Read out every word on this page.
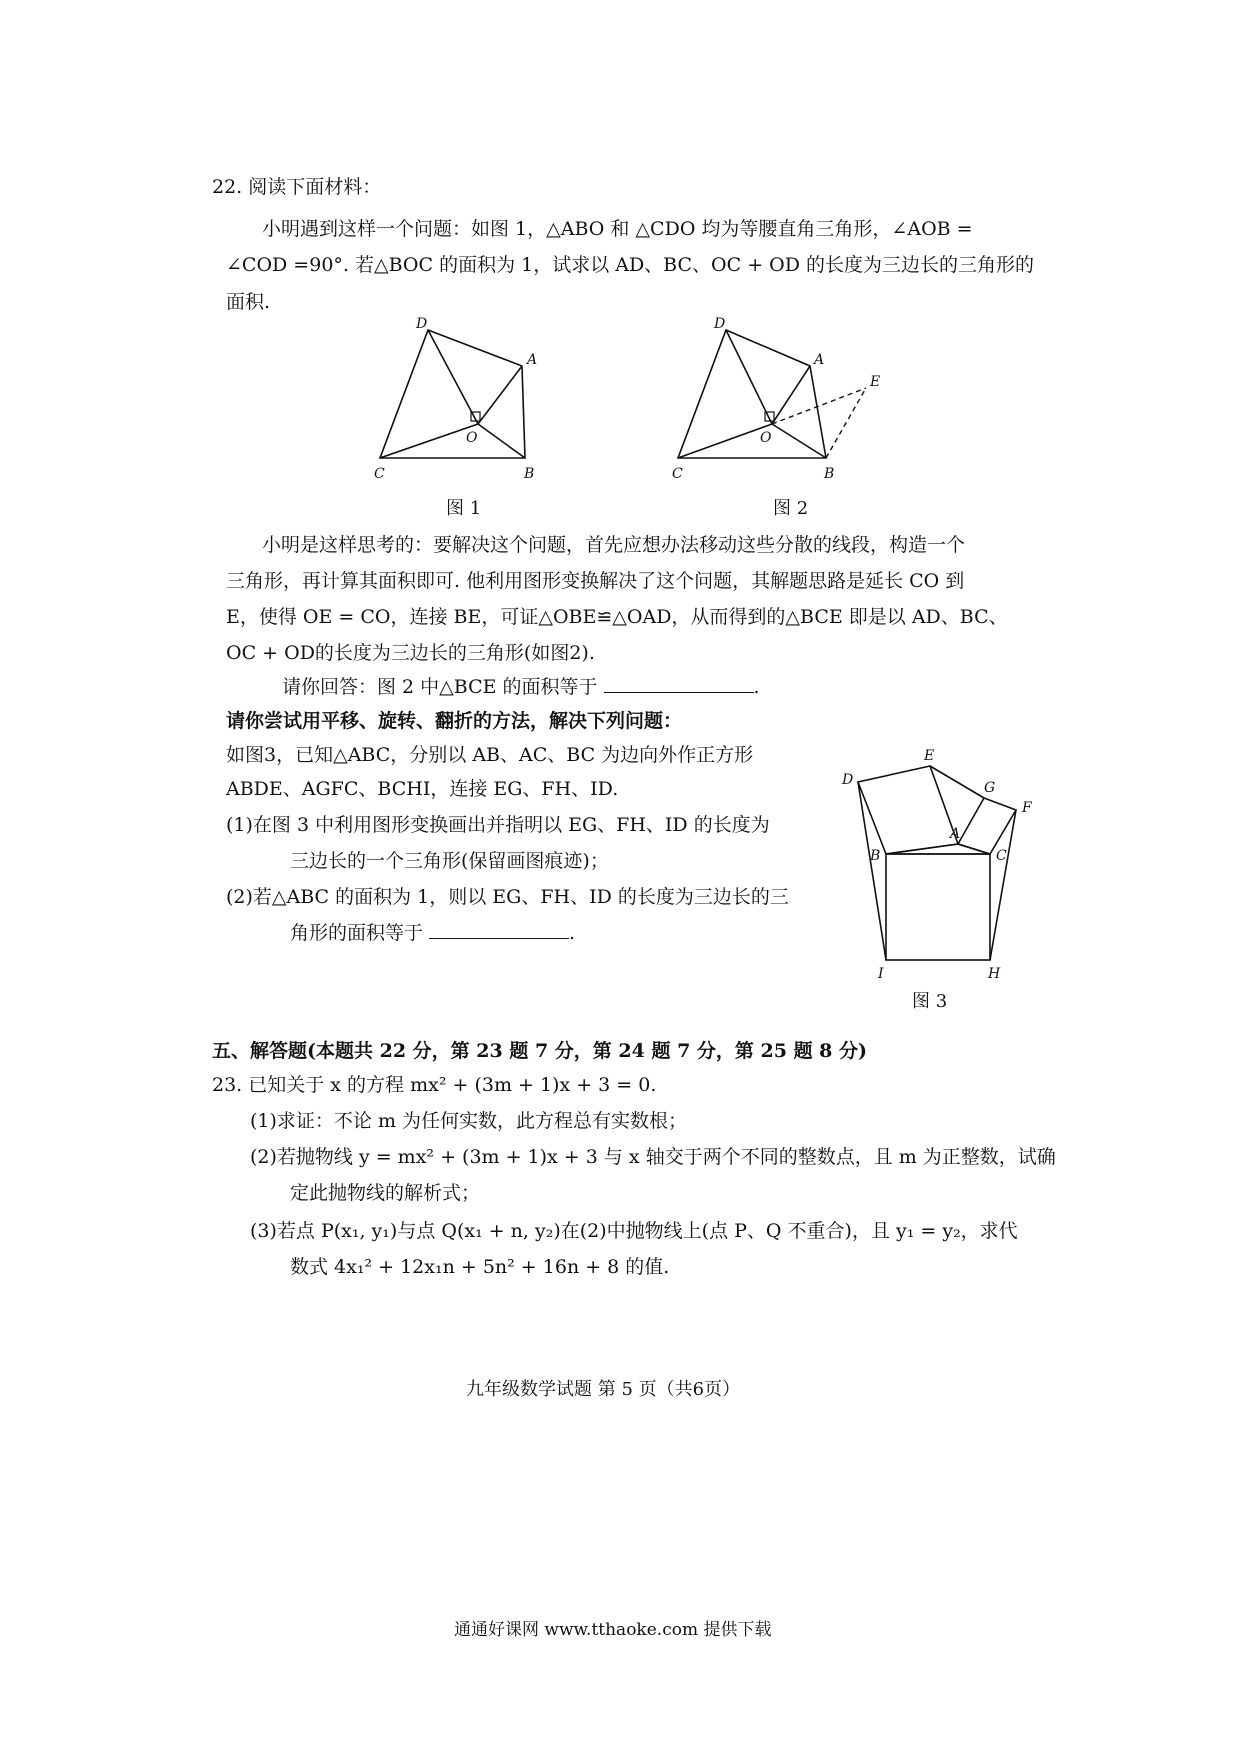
22. 阅读下面材料：
小明遇到这样一个问题：如图 1，△ABO 和 △CDO 均为等腰直角三角形，∠AOB =
∠COD =90°. 若△BOC 的面积为 1，试求以 AD、BC、OC + OD 的长度为三边长的三角形的
面积.
D
A
O
C	B
图 1
D
A
E
O
C	B
图 2
小明是这样思考的：要解决这个问题，首先应想办法移动这些分散的线段，构造一个
三角形，再计算其面积即可. 他利用图形变换解决了这个问题，其解题思路是延长 CO 到
E，使得 OE = CO，连接 BE，可证△OBE≌△OAD，从而得到的△BCE 即是以 AD、BC、
OC + OD的长度为三边长的三角形(如图2).
请你回答：图 2 中△BCE 的面积等于	.
请你尝试用平移、旋转、翻折的方法，解决下列问题：
如图3，已知△ABC，分别以 AB、AC、BC 为边向外作正方形
ABDE、AGFC、BCHI，连接 EG、FH、ID.
(1)在图 3 中利用图形变换画出并指明以 EG、FH、ID 的长度为
三边长的一个三角形(保留画图痕迹)；
(2)若△ABC 的面积为 1，则以 EG、FH、ID 的长度为三边长的三
角形的面积等于	.
E
G
D
F
A
B	C
I	H
图 3
五、解答题(本题共 22 分，第 23 题 7 分，第 24 题 7 分，第 25 题 8 分)
23. 已知关于 x 的方程 mx² + (3m + 1)x + 3 = 0.
(1)求证：不论 m 为任何实数，此方程总有实数根；
(2)若抛物线 y = mx² + (3m + 1)x + 3 与 x 轴交于两个不同的整数点，且 m 为正整数，试确
定此抛物线的解析式；
(3)若点 P(x₁, y₁)与点 Q(x₁ + n, y₂)在(2)中抛物线上(点 P、Q 不重合)，且 y₁ = y₂，求代
数式 4x₁² + 12x₁n + 5n² + 16n + 8 的值.
九年级数学试题 第 5 页（共6页）
通通好课网 www.tthaoke.com 提供下载
